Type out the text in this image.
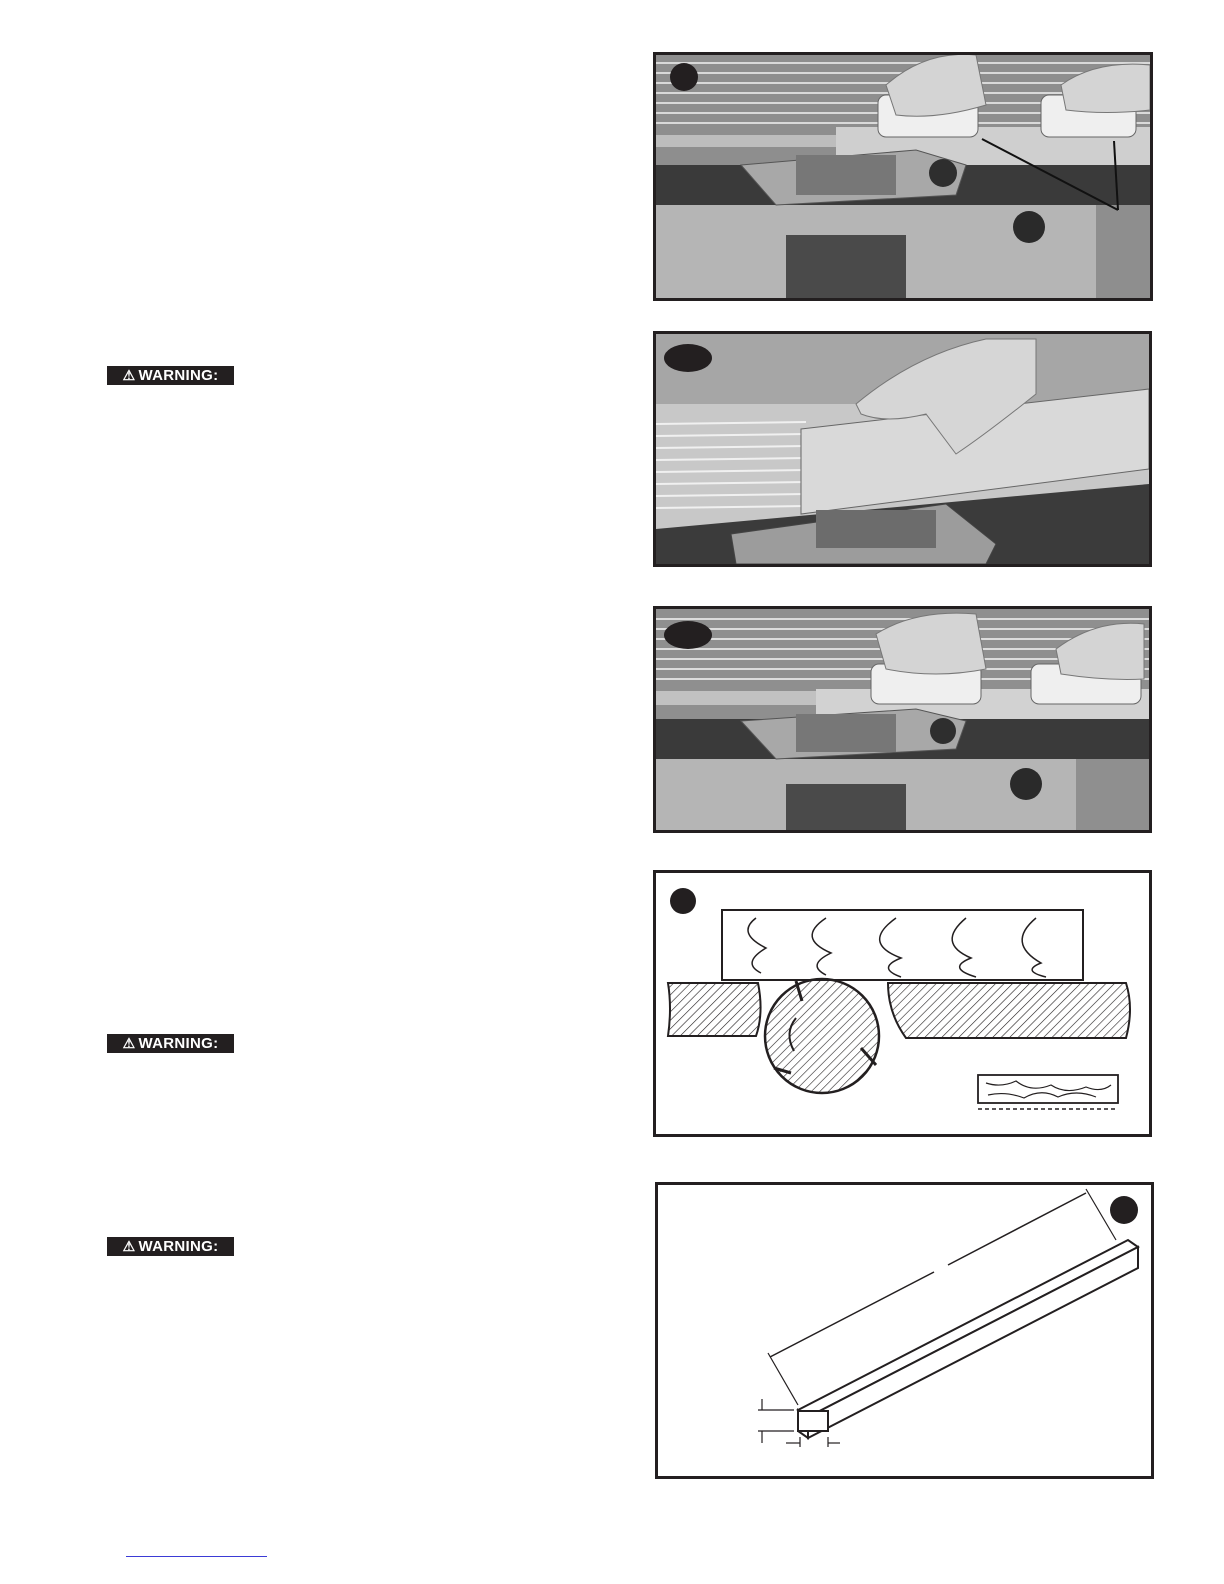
⚠ WARNING:
⚠ WARNING:
⚠ WARNING:
